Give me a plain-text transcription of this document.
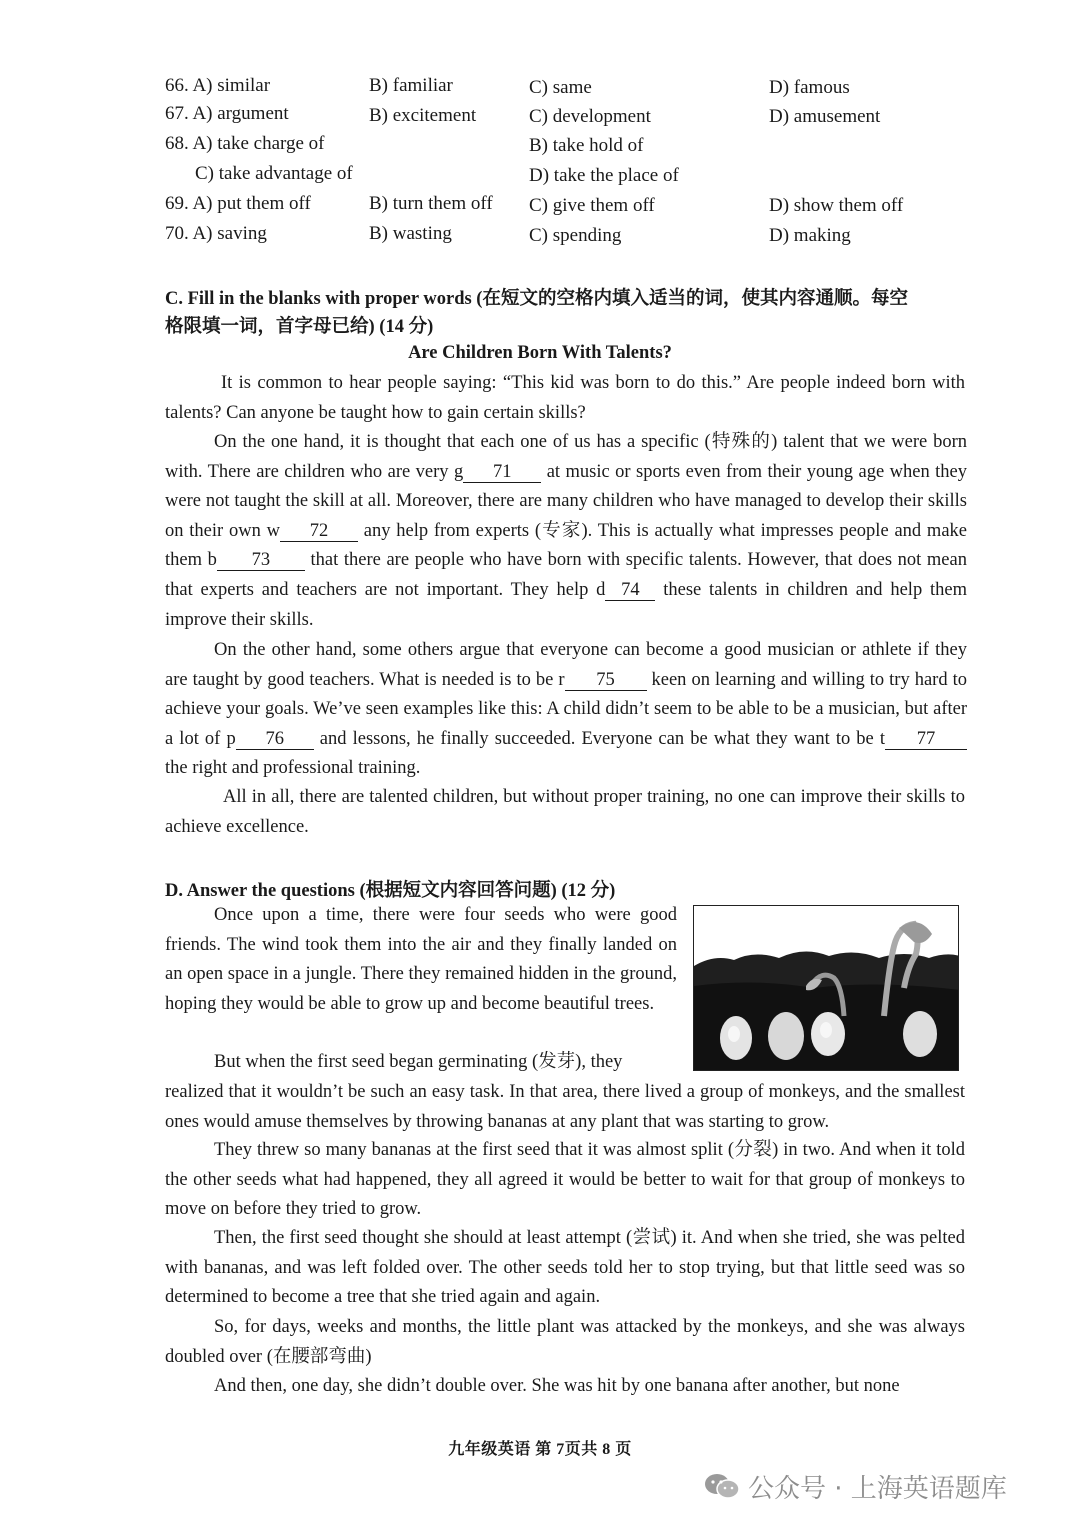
66. A) similar	B) familiar	C) same	D) famous
67. A) argument	B) excitement	C) development	D) amusement
68. A) take charge of	B) take hold of
C) take advantage of	D) take the place of
69. A) put them off	B) turn them off C) give them off	D) show them off
70. A) saving	B) wasting	C) spending	D) making
C. Fill in the blanks with proper words (在短文的空格内填入适当的词，使其内容通顺。每空
格限填一词，首字母已给) (14 分)
Are Children Born With Talents?
It is common to hear people saying: “This kid was born to do this.” Are people indeed born with talents? Can anyone be taught how to gain certain skills?
On the one hand, it is thought that each one of us has a specific (特殊的) talent that we were born with. There are children who are very g 71 at music or sports even from their young age when they were not taught the skill at all. Moreover, there are many children who have managed to develop their skills on their own w 72 any help from experts (专家). This is actually what impresses people and make them b 73 that there are people who have born with specific talents. However, that does not mean that experts and teachers are not important. They help d 74 these talents in children and help them improve their skills.
On the other hand, some others argue that everyone can become a good musician or athlete if they are taught by good teachers. What is needed is to be r 75 keen on learning and willing to try hard to achieve your goals. We’ve seen examples like this: A child didn’t seem to be able to be a musician, but after a lot of p 76 and lessons, he finally succeeded. Everyone can be what they want to be t 77 the right and professional training.
All in all, there are talented children, but without proper training, no one can improve their skills to achieve excellence.
D. Answer the questions (根据短文内容回答问题) (12 分)
Once upon a time, there were four seeds who were good friends. The wind took them into the air and they finally landed on an open space in a jungle. There they remained hidden in the ground, hoping they would be able to grow up and become beautiful trees.
But when the first seed began germinating (发芽), they
realized that it wouldn’t be such an easy task. In that area, there lived a group of monkeys, and the smallest ones would amuse themselves by throwing bananas at any plant that was starting to grow.
They threw so many bananas at the first seed that it was almost split (分裂) in two. And when it told the other seeds what had happened, they all agreed it would be better to wait for that group of monkeys to move on before they tried to grow.
Then, the first seed thought she should at least attempt (尝试) it. And when she tried, she was pelted with bananas, and was left folded over. The other seeds told her to stop trying, but that little seed was so determined to become a tree that she tried again and again.
So, for days, weeks and months, the little plant was attacked by the monkeys, and she was always doubled over (在腰部弯曲)
And then, one day, she didn’t double over. She was hit by one banana after another, but none
九年级英语 第 7页共 8 页
公众号 · 上海英语题库
